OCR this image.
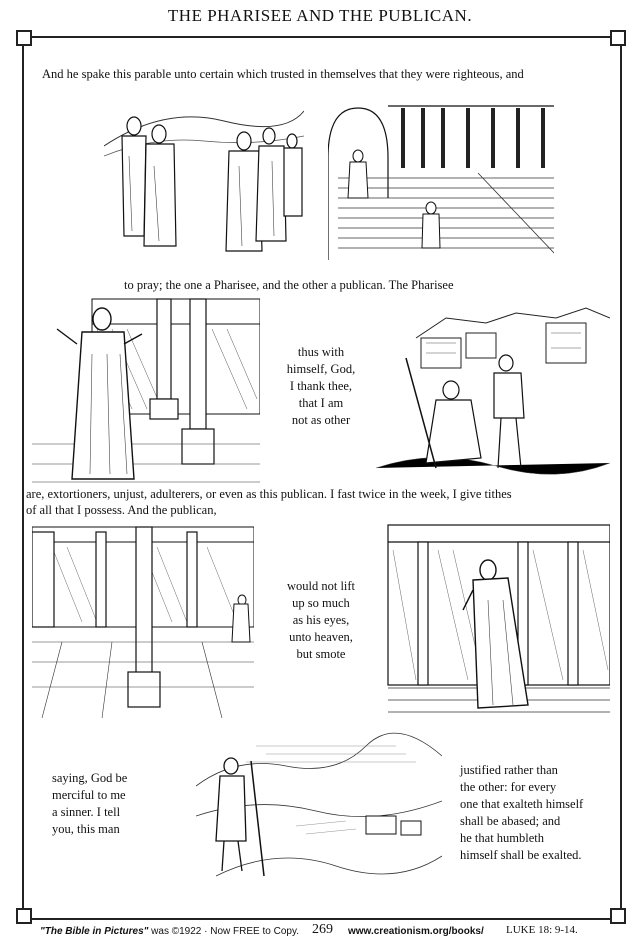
THE PHARISEE AND THE PUBLICAN.
And he spake this parable unto certain which trusted in themselves that they were righteous, and
to pray; the one a Pharisee, and the other a publican. The Pharisee
thus with
himself, God,
I thank thee,
that I am
not as other
are, extortioners, unjust, adulterers, or even as this publican. I fast twice in the week, I give tithes
of all that I possess. And the publican,
would not lift
up so much
as his eyes,
unto heaven,
but smote
saying, God be
merciful to me
a sinner. I tell
you, this man
justified rather than
the other: for every
one that exalteth himself
shall be abased; and
he that humbleth
himself shall be exalted.
"The Bible in Pictures" was ©1922 · Now FREE to Copy. 269 www.creationism.org/books/ LUKE 18: 9-14.
